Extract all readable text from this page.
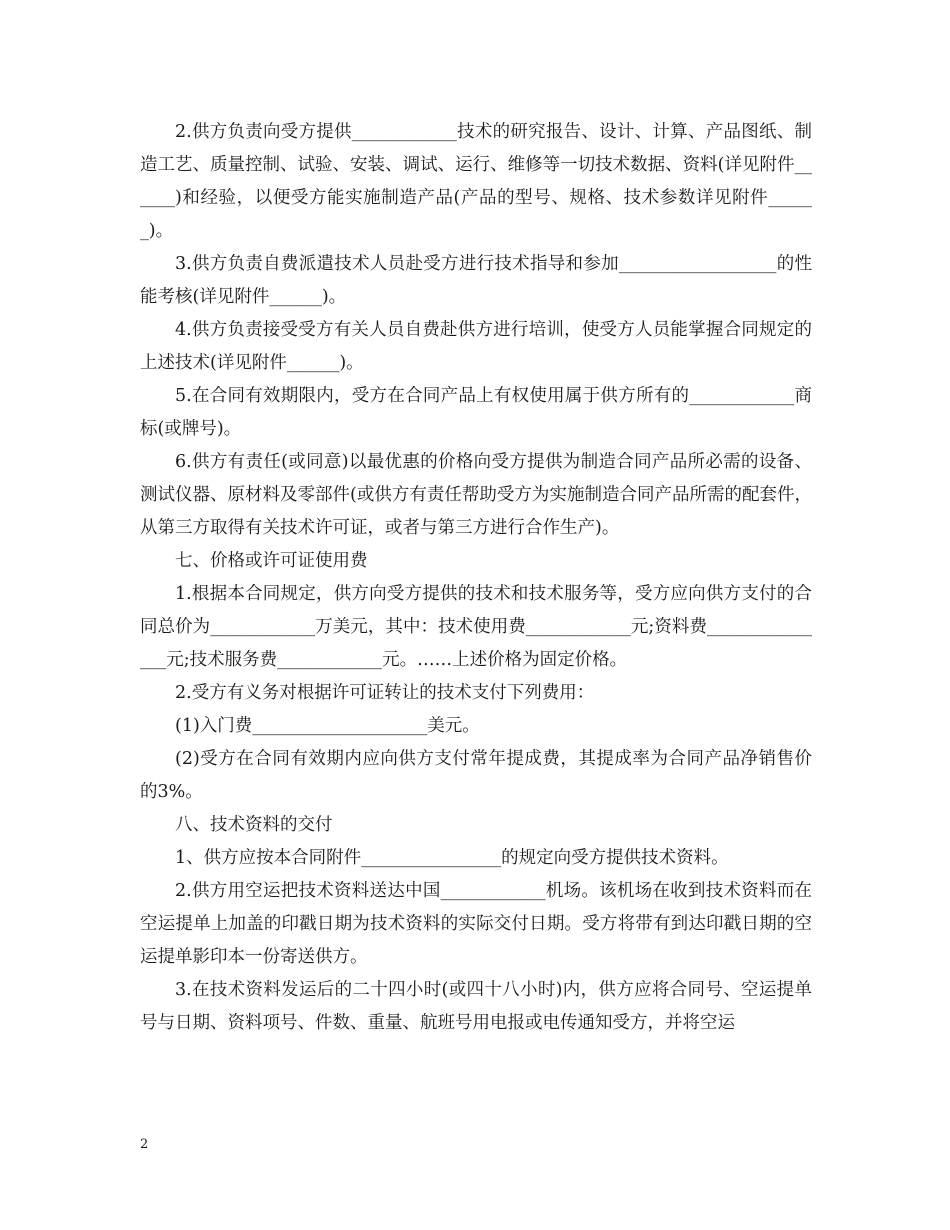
2.供方负责向受方提供____________技术的研究报告、设计、计算、产品图纸、制造工艺、质量控制、试验、安装、调试、运行、维修等一切技术数据、资料(详见附件______)和经验，以便受方能实施制造产品(产品的型号、规格、技术参数详见附件______)。

3.供方负责自费派遣技术人员赴受方进行技术指导和参加__________________的性能考核(详见附件______)。

4.供方负责接受受方有关人员自费赴供方进行培训，使受方人员能掌握合同规定的上述技术(详见附件______)。

5.在合同有效期限内，受方在合同产品上有权使用属于供方所有的____________商标(或牌号)。

6.供方有责任(或同意)以最优惠的价格向受方提供为制造合同产品所必需的设备、测试仪器、原材料及零部件(或供方有责任帮助受方为实施制造合同产品所需的配套件，从第三方取得有关技术许可证，或者与第三方进行合作生产)。

七、价格或许可证使用费

1.根据本合同规定，供方向受方提供的技术和技术服务等，受方应向供方支付的合同总价为____________万美元，其中：技术使用费____________元;资料费_______________元;技术服务费____________元。……上述价格为固定价格。

2.受方有义务对根据许可证转让的技术支付下列费用：

(1)入门费____________________美元。

(2)受方在合同有效期内应向供方支付常年提成费，其提成率为合同产品净销售价的3%。

八、技术资料的交付

1、供方应按本合同附件________________的规定向受方提供技术资料。

2.供方用空运把技术资料送达中国____________机场。该机场在收到技术资料而在空运提单上加盖的印戳日期为技术资料的实际交付日期。受方将带有到达印戳日期的空运提单影印本一份寄送供方。

3.在技术资料发运后的二十四小时(或四十八小时)内，供方应将合同号、空运提单号与日期、资料项号、件数、重量、航班号用电报或电传通知受方，并将空运

2
